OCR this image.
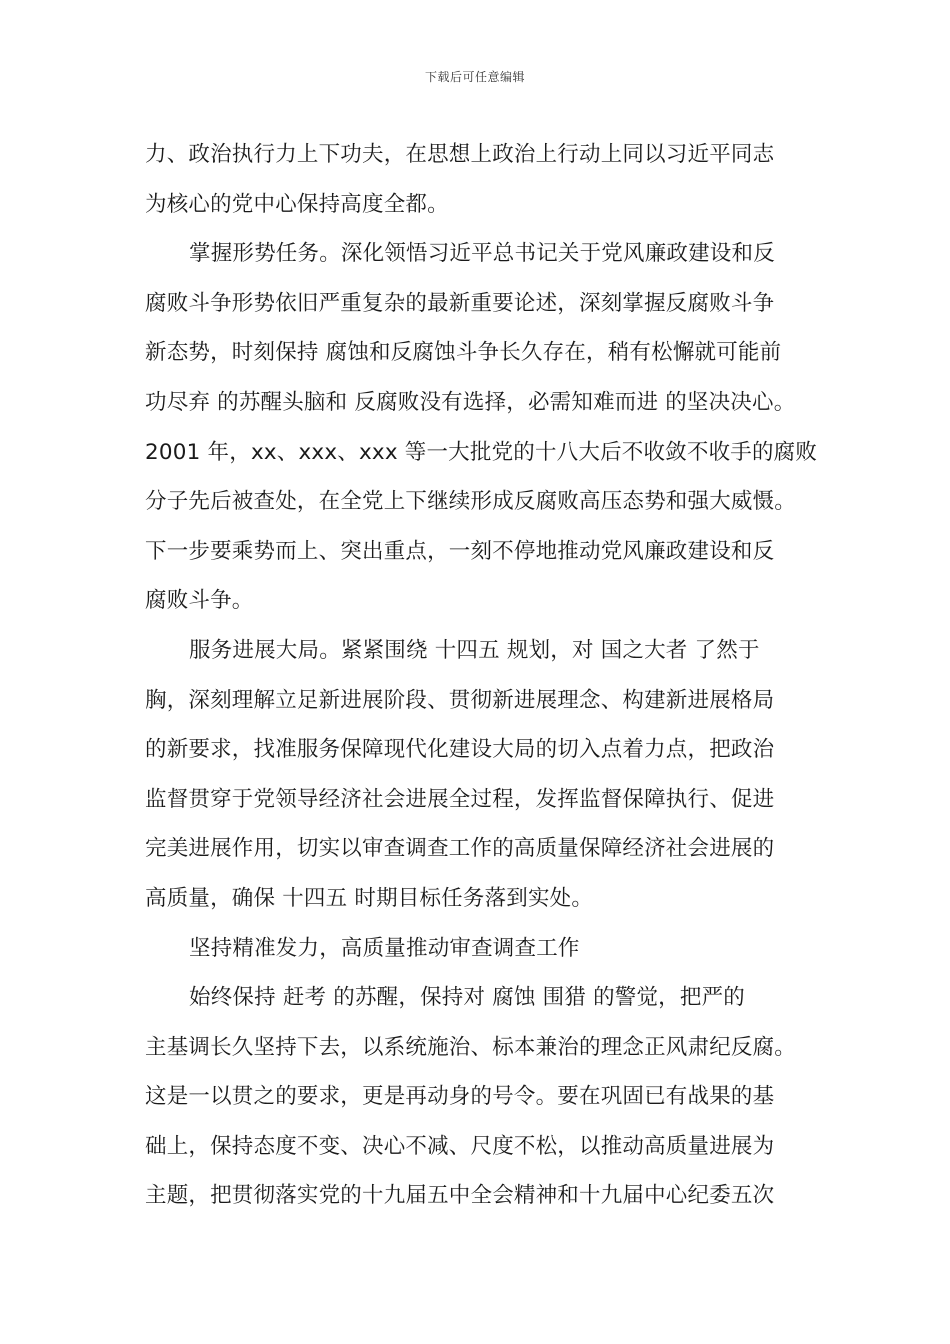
下载后可任意编辑
力、政治执行力上下功夫，在思想上政治上行动上同以习近平同志
为核心的党中心保持高度全都。
掌握形势任务。深化领悟习近平总书记关于党风廉政建设和反
腐败斗争形势依旧严重复杂的最新重要论述，深刻掌握反腐败斗争
新态势，时刻保持 腐蚀和反腐蚀斗争长久存在，稍有松懈就可能前
功尽弃 的苏醒头脑和 反腐败没有选择，必需知难而进 的坚决决心。
2001 年，xx、xxx、xxx 等一大批党的十八大后不收敛不收手的腐败
分子先后被查处，在全党上下继续形成反腐败高压态势和强大威慑。
下一步要乘势而上、突出重点，一刻不停地推动党风廉政建设和反
腐败斗争。
服务进展大局。紧紧围绕 十四五 规划，对 国之大者 了然于
胸，深刻理解立足新进展阶段、贯彻新进展理念、构建新进展格局
的新要求，找准服务保障现代化建设大局的切入点着力点，把政治
监督贯穿于党领导经济社会进展全过程，发挥监督保障执行、促进
完美进展作用，切实以审查调查工作的高质量保障经济社会进展的
高质量，确保 十四五 时期目标任务落到实处。
坚持精准发力，高质量推动审查调查工作
始终保持 赶考 的苏醒，保持对 腐蚀 围猎 的警觉，把严的
主基调长久坚持下去，以系统施治、标本兼治的理念正风肃纪反腐。
这是一以贯之的要求，更是再动身的号令。要在巩固已有战果的基
础上，保持态度不变、决心不减、尺度不松，以推动高质量进展为
主题，把贯彻落实党的十九届五中全会精神和十九届中心纪委五次
